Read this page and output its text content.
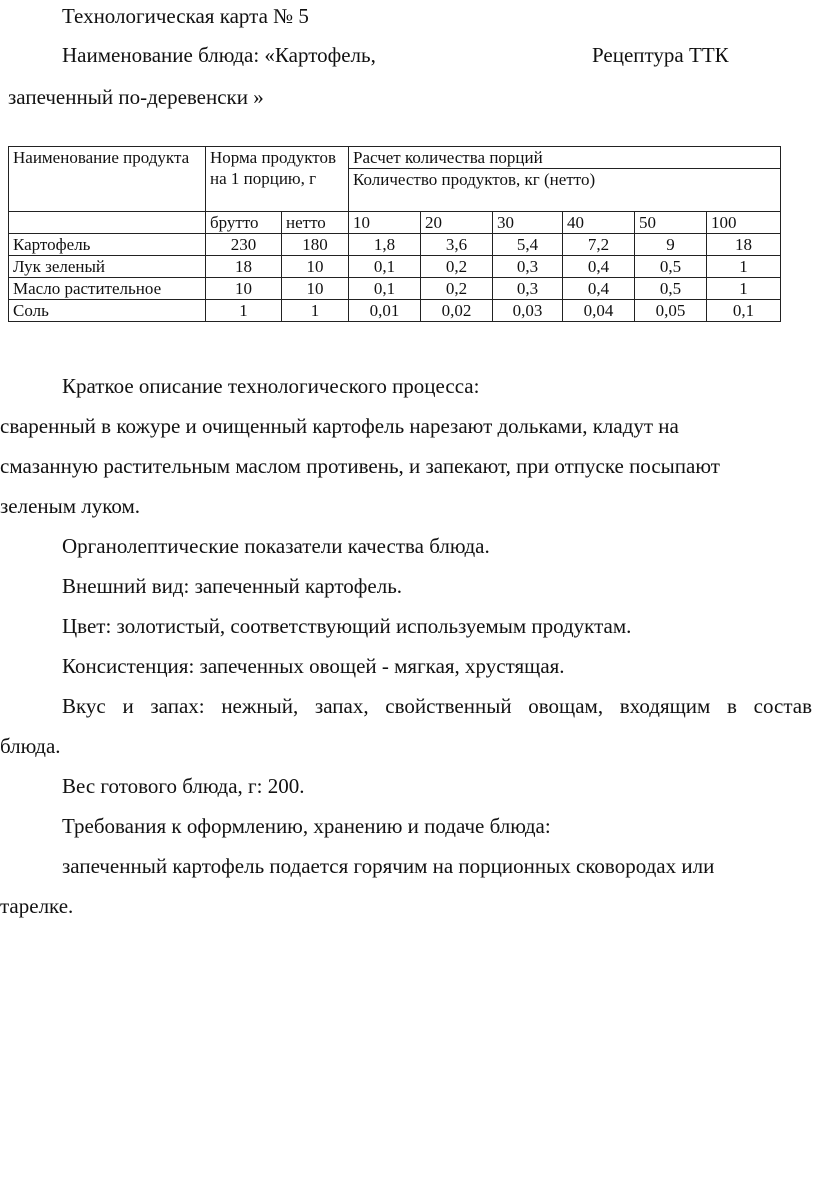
Технологическая карта № 5
Наименование блюда: «Картофель,	Рецептура ТТК
запеченный по-деревенски »
Наименование продукта	Норма продуктов на 1 порцию, г		Расчет количества порций					
			Количество продуктов, кг (нетто)					
	брутто	нетто	10	20	30	40	50	100
Картофель	230	180	1,8	3,6	5,4	7,2	9	18
Лук зеленый	18	10	0,1	0,2	0,3	0,4	0,5	1
Масло растительное	10	10	0,1	0,2	0,3	0,4	0,5	1
Соль	1	1	0,01	0,02	0,03	0,04	0,05	0,1
Краткое описание технологического процесса:
сваренный в кожуре и очищенный картофель нарезают дольками, кладут на
смазанную растительным маслом противень, и запекают, при отпуске посыпают
зеленым луком.
Органолептические показатели качества блюда.
Внешний вид: запеченный картофель.
Цвет: золотистый, соответствующий используемым продуктам.
Консистенция: запеченных овощей - мягкая, хрустящая.
Вкус и запах: нежный, запах, свойственный овощам, входящим в состав
блюда.
Вес готового блюда, г: 200.
Требования к оформлению, хранению и подаче блюда:
запеченный картофель подается горячим на порционных сковородах или
тарелке.
